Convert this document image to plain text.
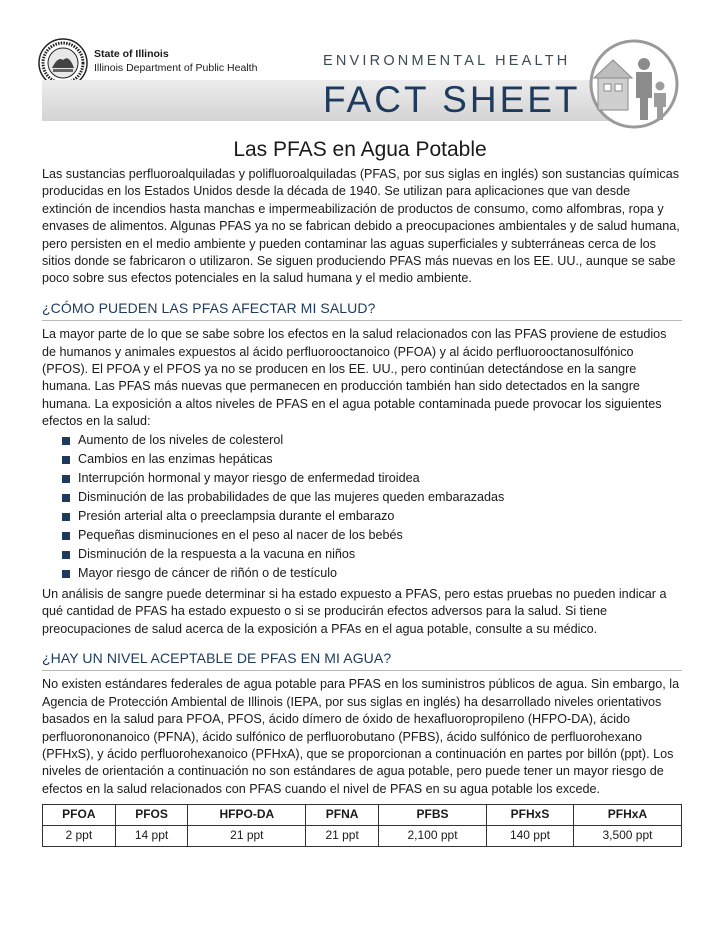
State of Illinois
Illinois Department of Public Health	ENVIRONMENTAL HEALTH
FACT SHEET
Las PFAS en Agua Potable

Las sustancias perfluoroalquiladas y polifluoroalquiladas (PFAS, por sus siglas en inglés) son sustancias químicas producidas en los Estados Unidos desde la década de 1940. Se utilizan para aplicaciones que van desde extinción de incendios hasta manchas e impermeabilización de productos de consumo, como alfombras, ropa y envases de alimentos. Algunas PFAS ya no se fabrican debido a preocupaciones ambientales y de salud humana, pero persisten en el medio ambiente y pueden contaminar las aguas superficiales y subterráneas cerca de los sitios donde se fabricaron o utilizaron. Se siguen produciendo PFAS más nuevas en los EE. UU., aunque se sabe poco sobre sus efectos potenciales en la salud humana y el medio ambiente.

¿CÓMO PUEDEN LAS PFAS AFECTAR MI SALUD?

La mayor parte de lo que se sabe sobre los efectos en la salud relacionados con las PFAS proviene de estudios de humanos y animales expuestos al ácido perfluorooctanoico (PFOA) y al ácido perfluorooctanosulfónico (PFOS). El PFOA y el PFOS ya no se producen en los EE. UU., pero continúan detectándose en la sangre humana. Las PFAS más nuevas que permanecen en producción también han sido detectados en la sangre humana. La exposición a altos niveles de PFAS en el agua potable contaminada puede provocar los siguientes efectos en la salud:

Aumento de los niveles de colesterol
Cambios en las enzimas hepáticas
Interrupción hormonal y mayor riesgo de enfermedad tiroidea
Disminución de las probabilidades de que las mujeres queden embarazadas
Presión arterial alta o preeclampsia durante el embarazo
Pequeñas disminuciones en el peso al nacer de los bebés
Disminución de la respuesta a la vacuna en niños
Mayor riesgo de cáncer de riñón o de testículo

Un análisis de sangre puede determinar si ha estado expuesto a PFAS, pero estas pruebas no pueden indicar a qué cantidad de PFAS ha estado expuesto o si se producirán efectos adversos para la salud. Si tiene preocupaciones de salud acerca de la exposición a PFAs en el agua potable, consulte a su médico.

¿HAY UN NIVEL ACEPTABLE DE PFAS EN MI AGUA?

No existen estándares federales de agua potable para PFAS en los suministros públicos de agua. Sin embargo, la Agencia de Protección Ambiental de Illinois (IEPA, por sus siglas en inglés) ha desarrollado niveles orientativos basados en la salud para PFOA, PFOS, ácido dímero de óxido de hexafluoropropileno (HFPO-DA), ácido perfluorononanoico (PFNA), ácido sulfónico de perfluorobutano (PFBS), ácido sulfónico de perfluorohexano (PFHxS), y ácido perfluorohexanoico (PFHxA), que se proporcionan a continuación en partes por billón (ppt). Los niveles de orientación a continuación no son estándares de agua potable, pero puede tener un mayor riesgo de efectos en la salud relacionados con PFAS cuando el nivel de PFAS en su agua potable los excede.

PFOA	PFOS	HFPO-DA	PFNA	PFBS	PFHxS	PFHxA
2 ppt	14 ppt	21 ppt	21 ppt	2,100 ppt	140 ppt	3,500 ppt
